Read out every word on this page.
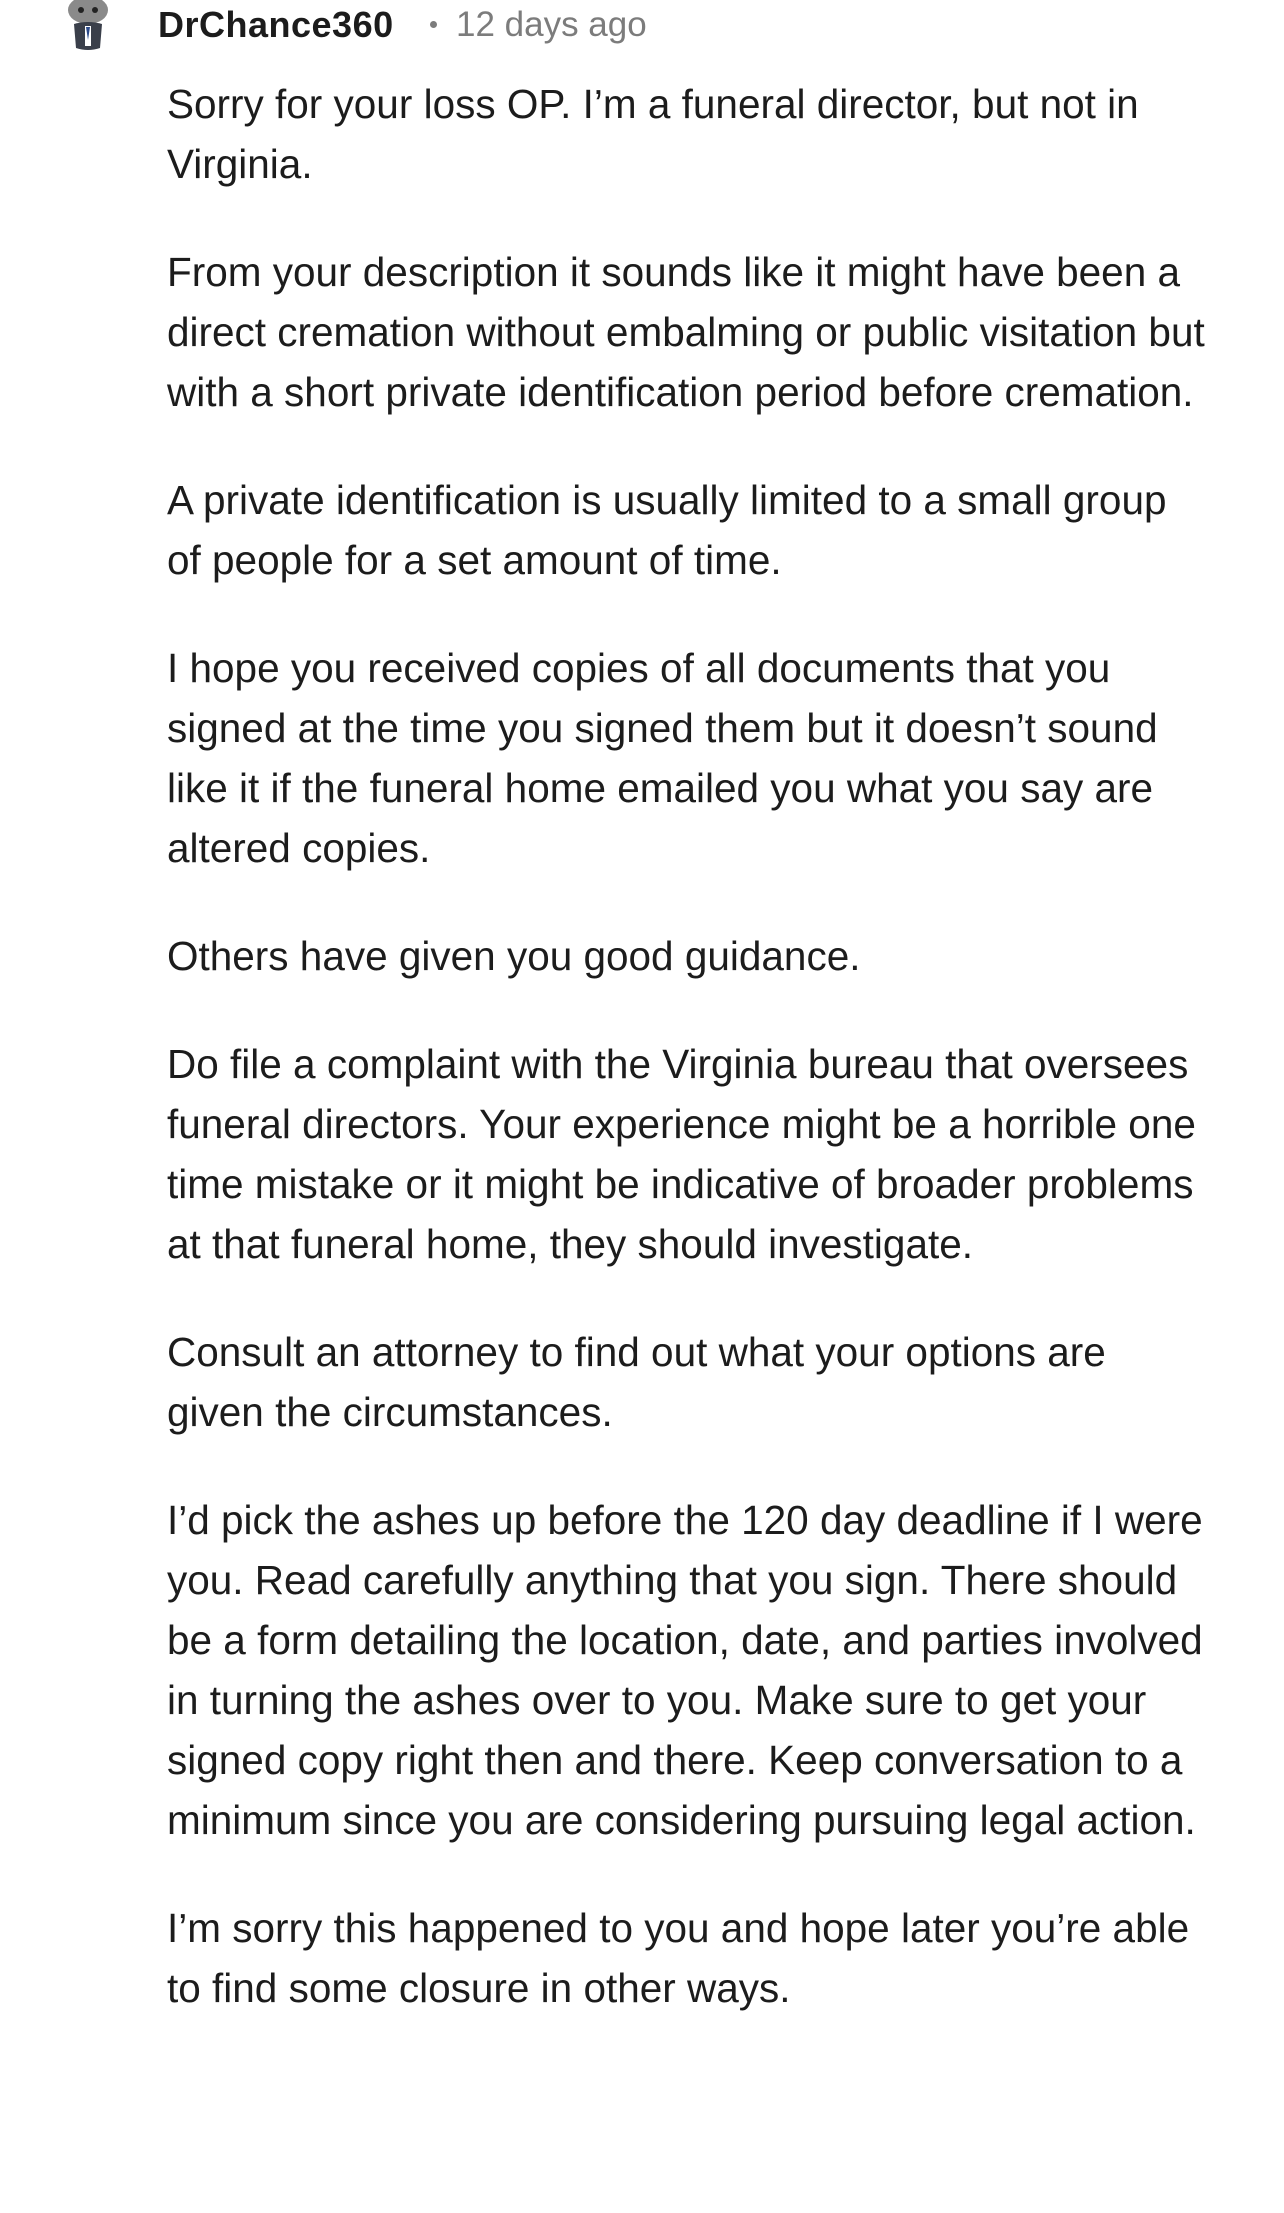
DrChance360 12 days ago

Sorry for your loss OP. I’m a funeral director, but not in Virginia.

From your description it sounds like it might have been a direct cremation without embalming or public visitation but with a short private identification period before cremation.

A private identification is usually limited to a small group of people for a set amount of time.

I hope you received copies of all documents that you signed at the time you signed them but it doesn’t sound like it if the funeral home emailed you what you say are altered copies.

Others have given you good guidance.

Do file a complaint with the Virginia bureau that oversees funeral directors. Your experience might be a horrible one time mistake or it might be indicative of broader problems at that funeral home, they should investigate.

Consult an attorney to find out what your options are given the circumstances.

I’d pick the ashes up before the 120 day deadline if I were you. Read carefully anything that you sign. There should be a form detailing the location, date, and parties involved in turning the ashes over to you. Make sure to get your signed copy right then and there. Keep conversation to a minimum since you are considering pursuing legal action.

I’m sorry this happened to you and hope later you’re able to find some closure in other ways.
